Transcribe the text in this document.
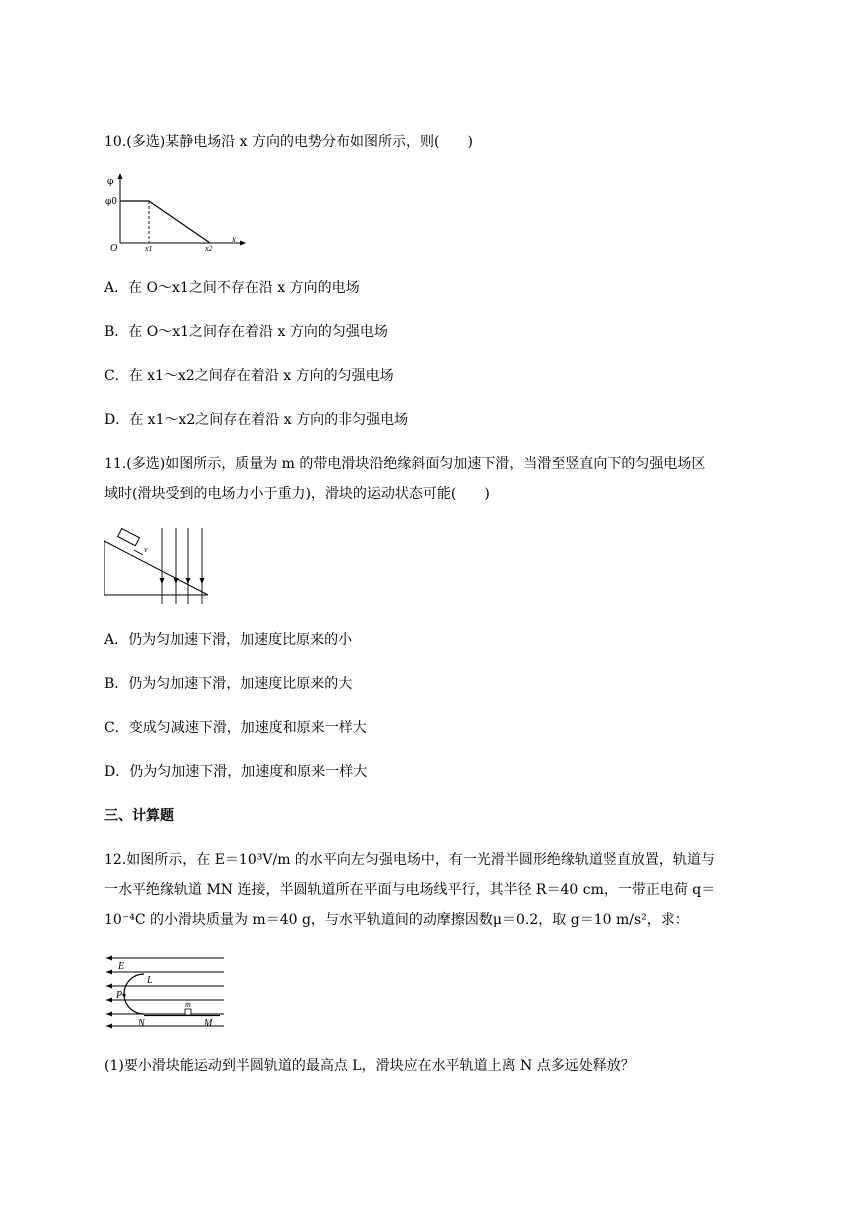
10.(多选)某静电场沿 x 方向的电势分布如图所示，则(　　)
φ
φ0
O	x1	x2
x
A．在 O～x1之间不存在沿 x 方向的电场
B．在 O～x1之间存在着沿 x 方向的匀强电场
C．在 x1～x2之间存在着沿 x 方向的匀强电场
D．在 x1～x2之间存在着沿 x 方向的非匀强电场
11.(多选)如图所示，质量为 m 的带电滑块沿绝缘斜面匀加速下滑，当滑至竖直向下的匀强电场区
域时(滑块受到的电场力小于重力)，滑块的运动状态可能(　　)
v
A．仍为匀加速下滑，加速度比原来的小
B．仍为匀加速下滑，加速度比原来的大
C．变成匀减速下滑，加速度和原来一样大
D．仍为匀加速下滑，加速度和原来一样大
三、计算题
12.如图所示，在 E＝10³V/m 的水平向左匀强电场中，有一光滑半圆形绝缘轨道竖直放置，轨道与
一水平绝缘轨道 MN 连接，半圆轨道所在平面与电场线平行，其半径 R＝40 cm，一带正电荷 q＝
10⁻⁴C 的小滑块质量为 m＝40 g，与水平轨道间的动摩擦因数μ＝0.2，取 g＝10 m/s²，求：
E
L
P
N	M
m
(1)要小滑块能运动到半圆轨道的最高点 L，滑块应在水平轨道上离 N 点多远处释放？
